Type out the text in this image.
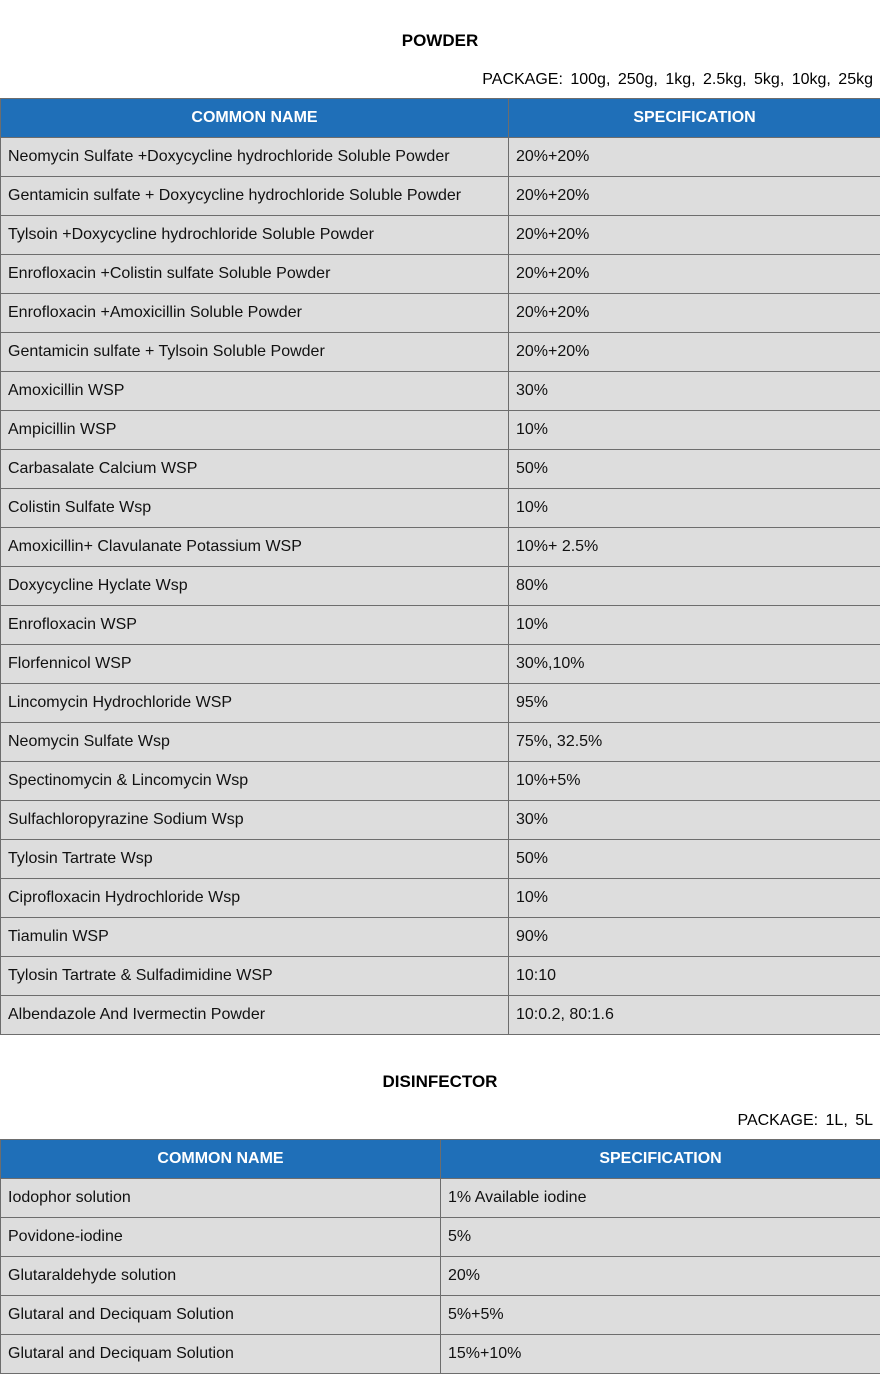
POWDER
PACKAGE: 100g, 250g, 1kg, 2.5kg, 5kg, 10kg, 25kg
COMMON NAME	SPECIFICATION
Neomycin Sulfate +Doxycycline hydrochloride Soluble Powder	20%+20%
Gentamicin sulfate + Doxycycline hydrochloride Soluble Powder	20%+20%
Tylsoin +Doxycycline hydrochloride Soluble Powder	20%+20%
Enrofloxacin +Colistin sulfate Soluble Powder	20%+20%
Enrofloxacin +Amoxicillin Soluble Powder	20%+20%
Gentamicin sulfate + Tylsoin Soluble Powder	20%+20%
Amoxicillin WSP	30%
Ampicillin WSP	10%
Carbasalate Calcium WSP	50%
Colistin Sulfate Wsp	10%
Amoxicillin+ Clavulanate Potassium WSP	10%+ 2.5%
Doxycycline Hyclate Wsp	80%
Enrofloxacin WSP	10%
Florfennicol WSP	30%,10%
Lincomycin Hydrochloride WSP	95%
Neomycin Sulfate Wsp	75%, 32.5%
Spectinomycin & Lincomycin Wsp	10%+5%
Sulfachloropyrazine Sodium Wsp	30%
Tylosin Tartrate Wsp	50%
Ciprofloxacin Hydrochloride Wsp	10%
Tiamulin WSP	90%
Tylosin Tartrate & Sulfadimidine WSP	10:10
Albendazole And Ivermectin Powder	10:0.2, 80:1.6
DISINFECTOR
PACKAGE: 1L, 5L
COMMON NAME	SPECIFICATION
Iodophor solution	1% Available iodine
Povidone-iodine	5%
Glutaraldehyde solution	20%
Glutaral and Deciquam Solution	5%+5%
Glutaral and Deciquam Solution	15%+10%
